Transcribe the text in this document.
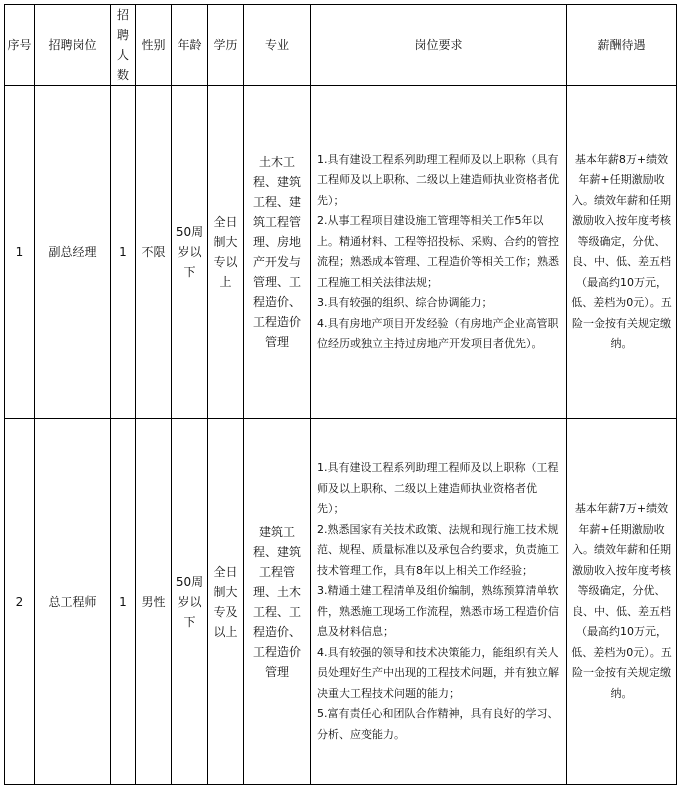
序号	招聘岗位	招聘人数	性别	年龄	学历	专业	岗位要求	薪酬待遇
1	副总经理	1	不限	50周岁以下	全日制大专以上	土木工程、建筑工程、建筑工程管理、房地产开发与管理、工程造价、工程造价管理	1.具有建设工程系列助理工程师及以上职称（具有工程师及以上职称、二级以上建造师执业资格者优先）；
2.从事工程项目建设施工管理等相关工作5年以上。精通材料、工程等招投标、采购、合约的管控流程；熟悉成本管理、工程造价等相关工作；熟悉工程施工相关法律法规；
3.具有较强的组织、综合协调能力；
4.具有房地产项目开发经验（有房地产企业高管职位经历或独立主持过房地产开发项目者优先）。	基本年薪8万+绩效年薪+任期激励收入。绩效年薪和任期激励收入按年度考核等级确定，分优、良、中、低、差五档（最高约10万元，低、差档为0元）。五险一金按有关规定缴纳。
2	总工程师	1	男性	50周岁以下	全日制大专及以上	建筑工程、建筑工程管理、土木工程、工程造价、工程造价管理	1.具有建设工程系列助理工程师及以上职称（工程师及以上职称、二级以上建造师执业资格者优先）；
2.熟悉国家有关技术政策、法规和现行施工技术规范、规程、质量标准以及承包合约要求，负责施工技术管理工作，具有8年以上相关工作经验；
3.精通土建工程清单及组价编制，熟练预算清单软件，熟悉施工现场工作流程，熟悉市场工程造价信息及材料信息；
4.具有较强的领导和技术决策能力，能组织有关人员处理好生产中出现的工程技术问题，并有独立解决重大工程技术问题的能力；
5.富有责任心和团队合作精神，具有良好的学习、分析、应变能力。	基本年薪7万+绩效年薪+任期激励收入。绩效年薪和任期激励收入按年度考核等级确定，分优、良、中、低、差五档（最高约10万元，低、差档为0元）。五险一金按有关规定缴纳。
